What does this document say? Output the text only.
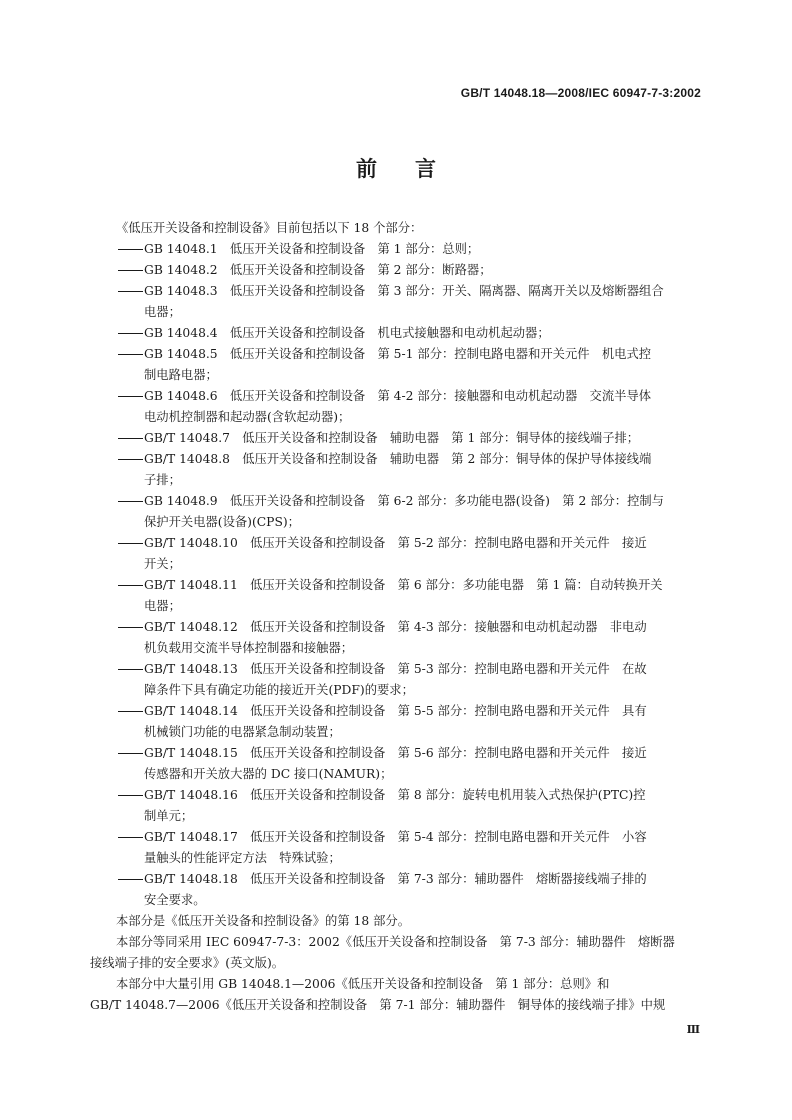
GB/T 14048.18—2008/IEC 60947-7-3:2002
前言
《低压开关设备和控制设备》目前包括以下 18 个部分：
GB 14048.1　低压开关设备和控制设备　第 1 部分：总则；
GB 14048.2　低压开关设备和控制设备　第 2 部分：断路器；
GB 14048.3　低压开关设备和控制设备　第 3 部分：开关、隔离器、隔离开关以及熔断器组合
电器；
GB 14048.4　低压开关设备和控制设备　机电式接触器和电动机起动器；
GB 14048.5　低压开关设备和控制设备　第 5-1 部分：控制电路电器和开关元件　机电式控
制电路电器；
GB 14048.6　低压开关设备和控制设备　第 4-2 部分：接触器和电动机起动器　交流半导体
电动机控制器和起动器(含软起动器)；
GB/T 14048.7　低压开关设备和控制设备　辅助电器　第 1 部分：铜导体的接线端子排；
GB/T 14048.8　低压开关设备和控制设备　辅助电器　第 2 部分：铜导体的保护导体接线端
子排；
GB 14048.9　低压开关设备和控制设备　第 6-2 部分：多功能电器(设备)　第 2 部分：控制与
保护开关电器(设备)(CPS)；
GB/T 14048.10　低压开关设备和控制设备　第 5-2 部分：控制电路电器和开关元件　接近
开关；
GB/T 14048.11　低压开关设备和控制设备　第 6 部分：多功能电器　第 1 篇：自动转换开关
电器；
GB/T 14048.12　低压开关设备和控制设备　第 4-3 部分：接触器和电动机起动器　非电动
机负载用交流半导体控制器和接触器；
GB/T 14048.13　低压开关设备和控制设备　第 5-3 部分：控制电路电器和开关元件　在故
障条件下具有确定功能的接近开关(PDF)的要求；
GB/T 14048.14　低压开关设备和控制设备　第 5-5 部分：控制电路电器和开关元件　具有
机械锁门功能的电器紧急制动装置；
GB/T 14048.15　低压开关设备和控制设备　第 5-6 部分：控制电路电器和开关元件　接近
传感器和开关放大器的 DC 接口(NAMUR)；
GB/T 14048.16　低压开关设备和控制设备　第 8 部分：旋转电机用装入式热保护(PTC)控
制单元；
GB/T 14048.17　低压开关设备和控制设备　第 5-4 部分：控制电路电器和开关元件　小容
量触头的性能评定方法　特殊试验；
GB/T 14048.18　低压开关设备和控制设备　第 7-3 部分：辅助器件　熔断器接线端子排的
安全要求。
本部分是《低压开关设备和控制设备》的第 18 部分。
本部分等同采用 IEC 60947-7-3：2002《低压开关设备和控制设备　第 7-3 部分：辅助器件　熔断器
接线端子排的安全要求》(英文版)。
本部分中大量引用 GB 14048.1—2006《低压开关设备和控制设备　第 1 部分：总则》和
GB/T 14048.7—2006《低压开关设备和控制设备　第 7-1 部分：辅助器件　铜导体的接线端子排》中规
Ⅲ
